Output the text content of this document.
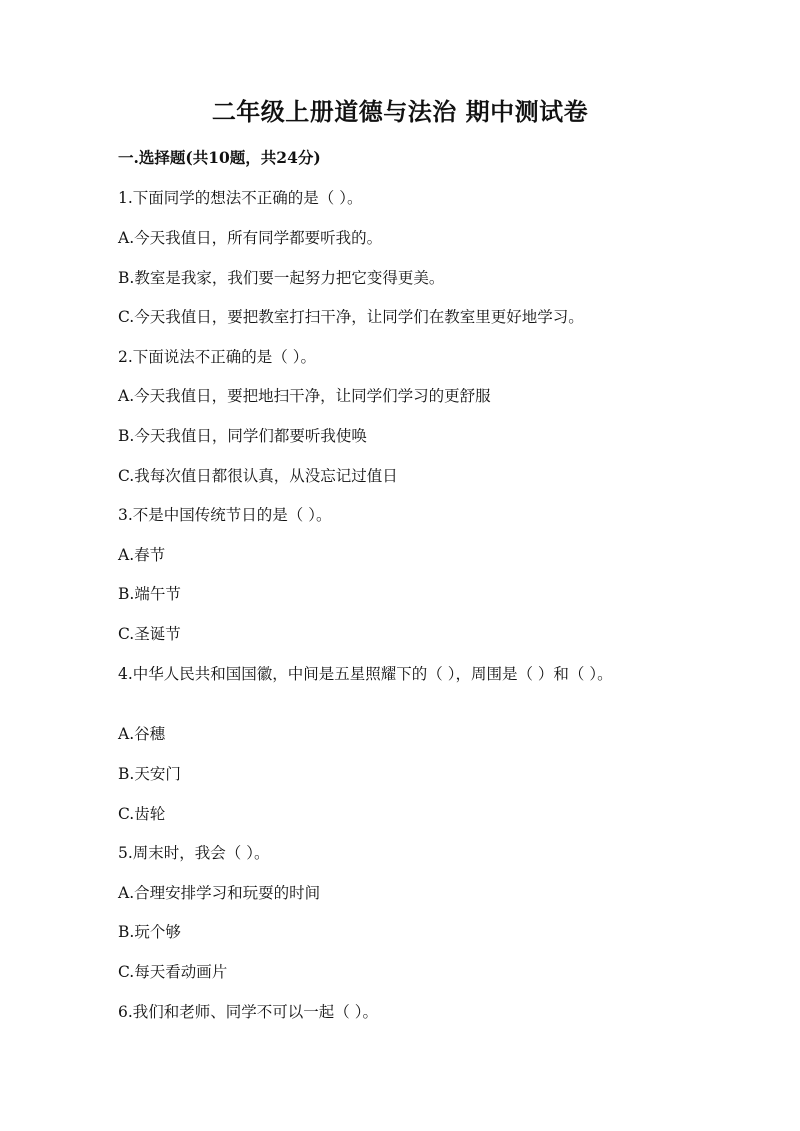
二年级上册道德与法治 期中测试卷
一.选择题(共10题，共24分)
1.下面同学的想法不正确的是（ ）。
A.今天我值日，所有同学都要听我的。
B.教室是我家，我们要一起努力把它变得更美。
C.今天我值日，要把教室打扫干净，让同学们在教室里更好地学习。
2.下面说法不正确的是（ ）。
A.今天我值日，要把地扫干净，让同学们学习的更舒服
B.今天我值日，同学们都要听我使唤
C.我每次值日都很认真，从没忘记过值日
3.不是中国传统节日的是（ ）。
A.春节
B.端午节
C.圣诞节
4.中华人民共和国国徽，中间是五星照耀下的（ ），周围是（ ）和（ ）。
A.谷穗
B.天安门
C.齿轮
5.周末时，我会（ ）。
A.合理安排学习和玩耍的时间
B.玩个够
C.每天看动画片
6.我们和老师、同学不可以一起（ ）。
